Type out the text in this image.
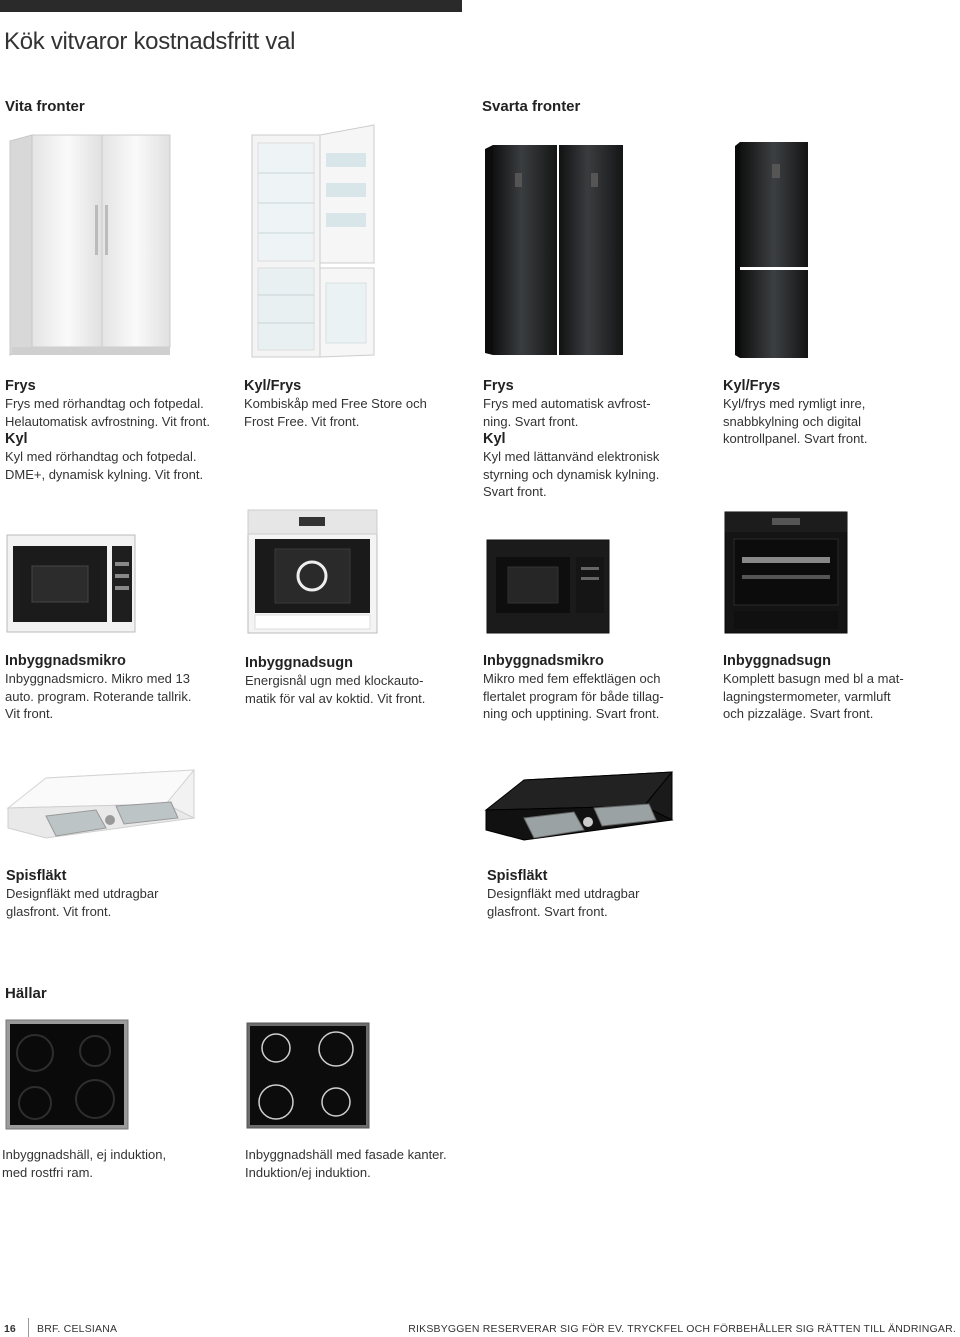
Kök vitvaror kostnadsfritt val
Vita fronter	Svarta fronter
Frys
Frys med rörhandtag och fotpedal.
Helautomatisk avfrostning. Vit front.
Kyl
Kyl med rörhandtag och fotpedal.
DME+, dynamisk kylning. Vit front.
Kyl/Frys
Kombiskåp med Free Store och
Frost Free. Vit front.
Frys
Frys med automatisk avfrost-
ning. Svart front.
Kyl
Kyl med lättanvänd elektronisk
styrning och dynamisk kylning.
Svart front.
Kyl/Frys
Kyl/frys med rymligt inre,
snabbkylning och digital
kontrollpanel. Svart front.
Inbyggnadsmikro
Inbyggnadsmicro. Mikro med 13
auto. program. Roterande tallrik.
Vit front.
Inbyggnadsugn
Energisnål ugn med klockauto-
matik för val av koktid. Vit front.
Inbyggnadsmikro
Mikro med fem effektlägen och
flertalet program för både tillag-
ning och upptining. Svart front.
Inbyggnadsugn
Komplett basugn med bl a mat-
lagningstermometer, varmluft
och pizzaläge. Svart front.
Spisfläkt
Designfläkt med utdragbar
glasfront. Vit front.
Spisfläkt
Designfläkt med utdragbar
glasfront. Svart front.
Hällar
Inbyggnadshäll, ej induktion,
med rostfri ram.
Inbyggnadshäll med fasade kanter.
Induktion/ej induktion.
16 BRF. CELSIANA	RIKSBYGGEN RESERVERAR SIG FÖR EV. TRYCKFEL OCH FÖRBEHÅLLER SIG RÄTTEN TILL ÄNDRINGAR.
